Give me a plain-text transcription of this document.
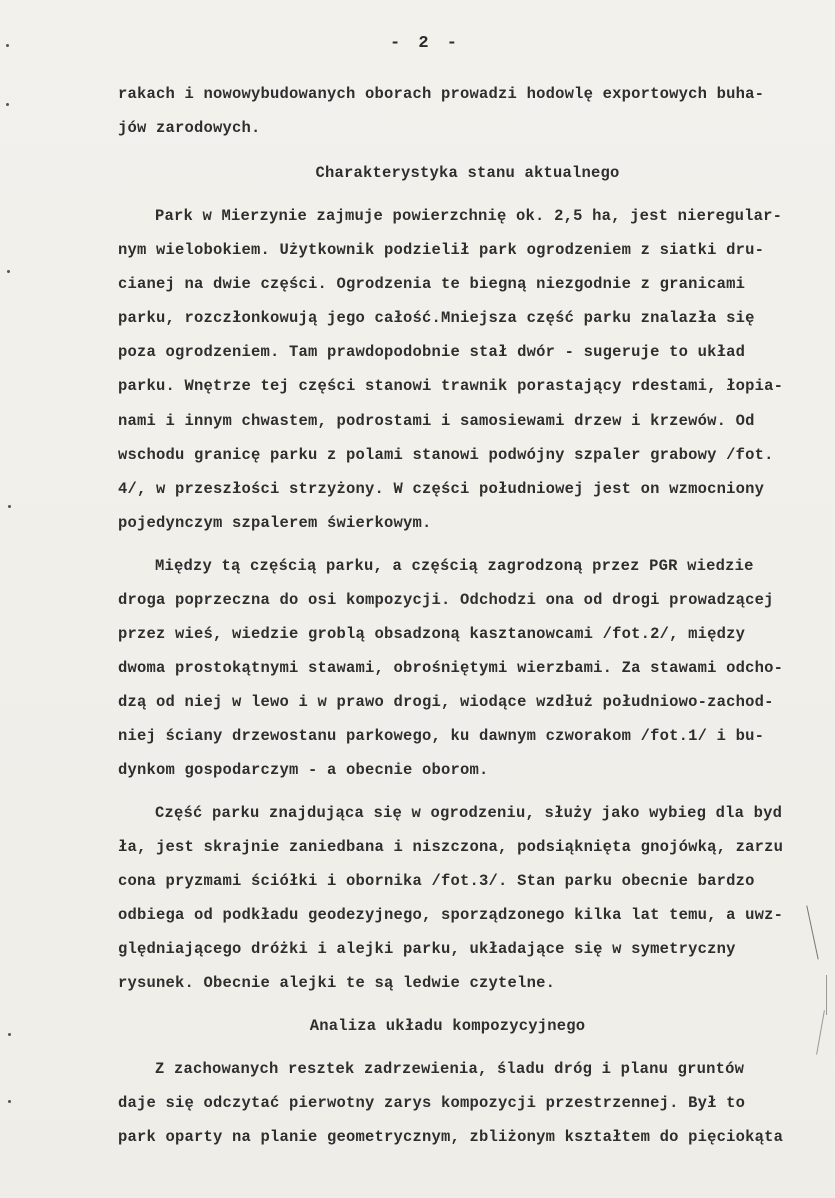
- 2 -
rakach i nowowybudowanych oborach prowadzi hodowlę exportowych buha-
jów zarodowych.
Charakterystyka stanu aktualnego
Park w Mierzynie zajmuje powierzchnię ok. 2,5 ha, jest nieregular-
nym wielobokiem. Użytkownik podzielił park ogrodzeniem z siatki dru-
cianej na dwie części. Ogrodzenia te biegną niezgodnie z granicami
parku, rozczłonkowują jego całość.Mniejsza część parku znalazła się
poza ogrodzeniem. Tam prawdopodobnie stał dwór - sugeruje to układ
parku. Wnętrze tej części stanowi trawnik porastający rdestami, łopia-
nami i innym chwastem, podrostami i samosiewami drzew i krzewów. Od
wschodu granicę parku z polami stanowi podwójny szpaler grabowy /fot.
4/, w przeszłości strzyżony. W części południowej jest on wzmocniony
pojedynczym szpalerem świerkowym.
Między tą częścią parku, a częścią zagrodzoną przez PGR wiedzie
droga poprzeczna do osi kompozycji. Odchodzi ona od drogi prowadzącej
przez wieś, wiedzie groblą obsadzoną kasztanowcami /fot.2/, między
dwoma prostokątnymi stawami, obrośniętymi wierzbami. Za stawami odcho-
dzą od niej w lewo i w prawo drogi, wiodące wzdłuż południowo-zachod-
niej ściany drzewostanu parkowego, ku dawnym czworakom /fot.1/ i bu-
dynkom gospodarczym - a obecnie oborom.
Część parku znajdująca się w ogrodzeniu, służy jako wybieg dla byd
ła, jest skrajnie zaniedbana i niszczona, podsiąknięta gnojówką, zarzu
cona pryzmami ściółki i obornika /fot.3/. Stan parku obecnie bardzo
odbiega od podkładu geodezyjnego, sporządzonego kilka lat temu, a uwz-
ględniającego dróżki i alejki parku, układające się w symetryczny
rysunek. Obecnie alejki te są ledwie czytelne.
Analiza układu kompozycyjnego
Z zachowanych resztek zadrzewienia, śladu dróg i planu gruntów
daje się odczytać pierwotny zarys kompozycji przestrzennej. Był to
park oparty na planie geometrycznym, zbliżonym kształtem do pięciokąta
